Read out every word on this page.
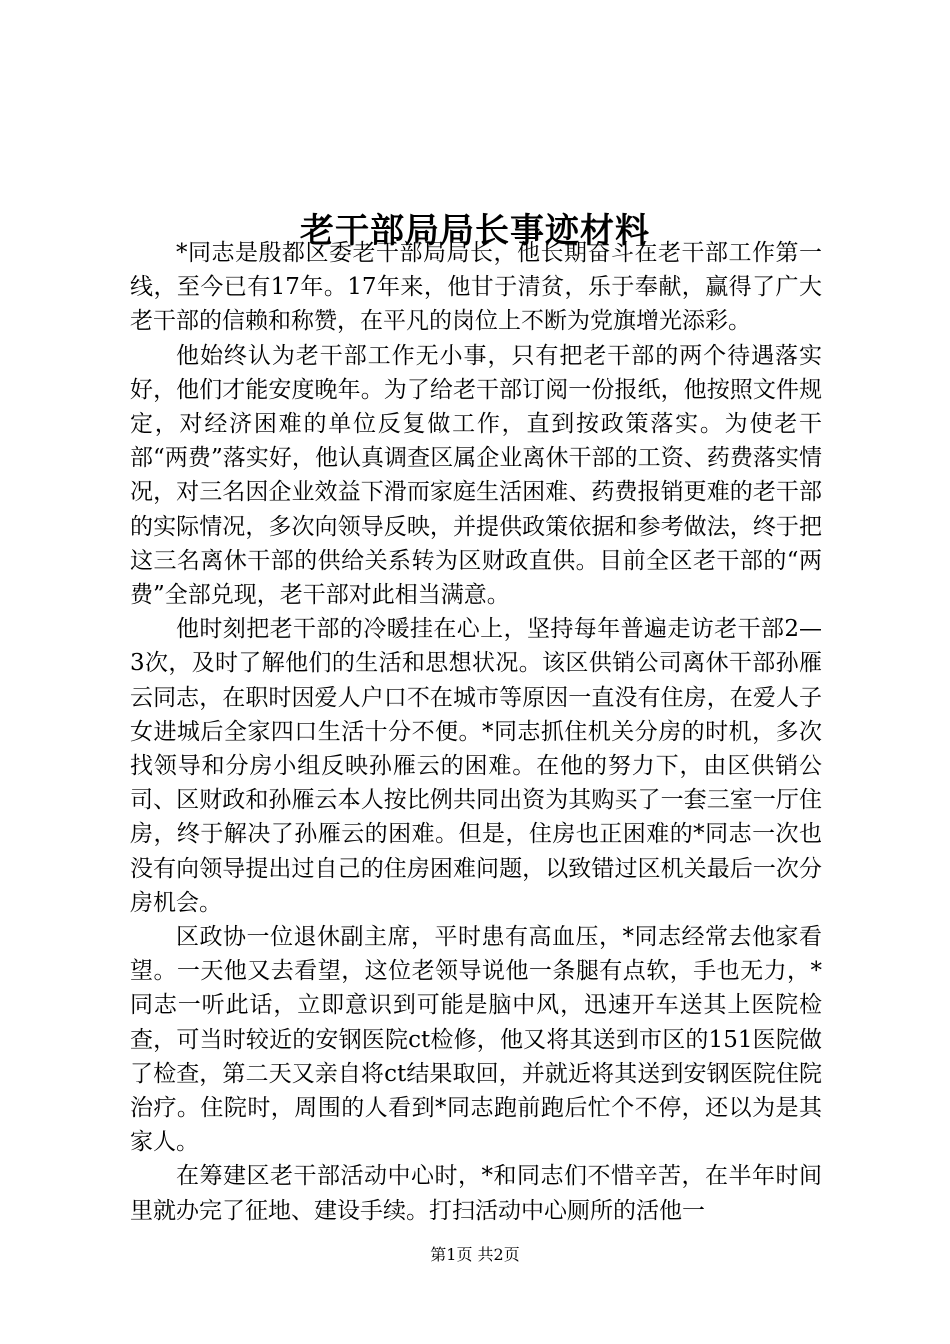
老干部局局长事迹材料

*同志是殷都区委老干部局局长，他长期奋斗在老干部工作第一线，至今已有17年。17年来，他甘于清贫，乐于奉献，赢得了广大老干部的信赖和称赞，在平凡的岗位上不断为党旗增光添彩。

他始终认为老干部工作无小事，只有把老干部的两个待遇落实好，他们才能安度晚年。为了给老干部订阅一份报纸，他按照文件规定，对经济困难的单位反复做工作，直到按政策落实。为使老干部“两费”落实好，他认真调查区属企业离休干部的工资、药费落实情况，对三名因企业效益下滑而家庭生活困难、药费报销更难的老干部的实际情况，多次向领导反映，并提供政策依据和参考做法，终于把这三名离休干部的供给关系转为区财政直供。目前全区老干部的“两费”全部兑现，老干部对此相当满意。

他时刻把老干部的冷暖挂在心上，坚持每年普遍走访老干部2—3次，及时了解他们的生活和思想状况。该区供销公司离休干部孙雁云同志，在职时因爱人户口不在城市等原因一直没有住房，在爱人子女进城后全家四口生活十分不便。*同志抓住机关分房的时机，多次找领导和分房小组反映孙雁云的困难。在他的努力下，由区供销公司、区财政和孙雁云本人按比例共同出资为其购买了一套三室一厅住房，终于解决了孙雁云的困难。但是，住房也正困难的*同志一次也没有向领导提出过自己的住房困难问题，以致错过区机关最后一次分房机会。

区政协一位退休副主席，平时患有高血压，*同志经常去他家看望。一天他又去看望，这位老领导说他一条腿有点软，手也无力，*同志一听此话，立即意识到可能是脑中风，迅速开车送其上医院检查，可当时较近的安钢医院ct检修，他又将其送到市区的151医院做了检查，第二天又亲自将ct结果取回，并就近将其送到安钢医院住院治疗。住院时，周围的人看到*同志跑前跑后忙个不停，还以为是其家人。

在筹建区老干部活动中心时，*和同志们不惜辛苦，在半年时间里就办完了征地、建设手续。打扫活动中心厕所的活他一

第1页 共2页
